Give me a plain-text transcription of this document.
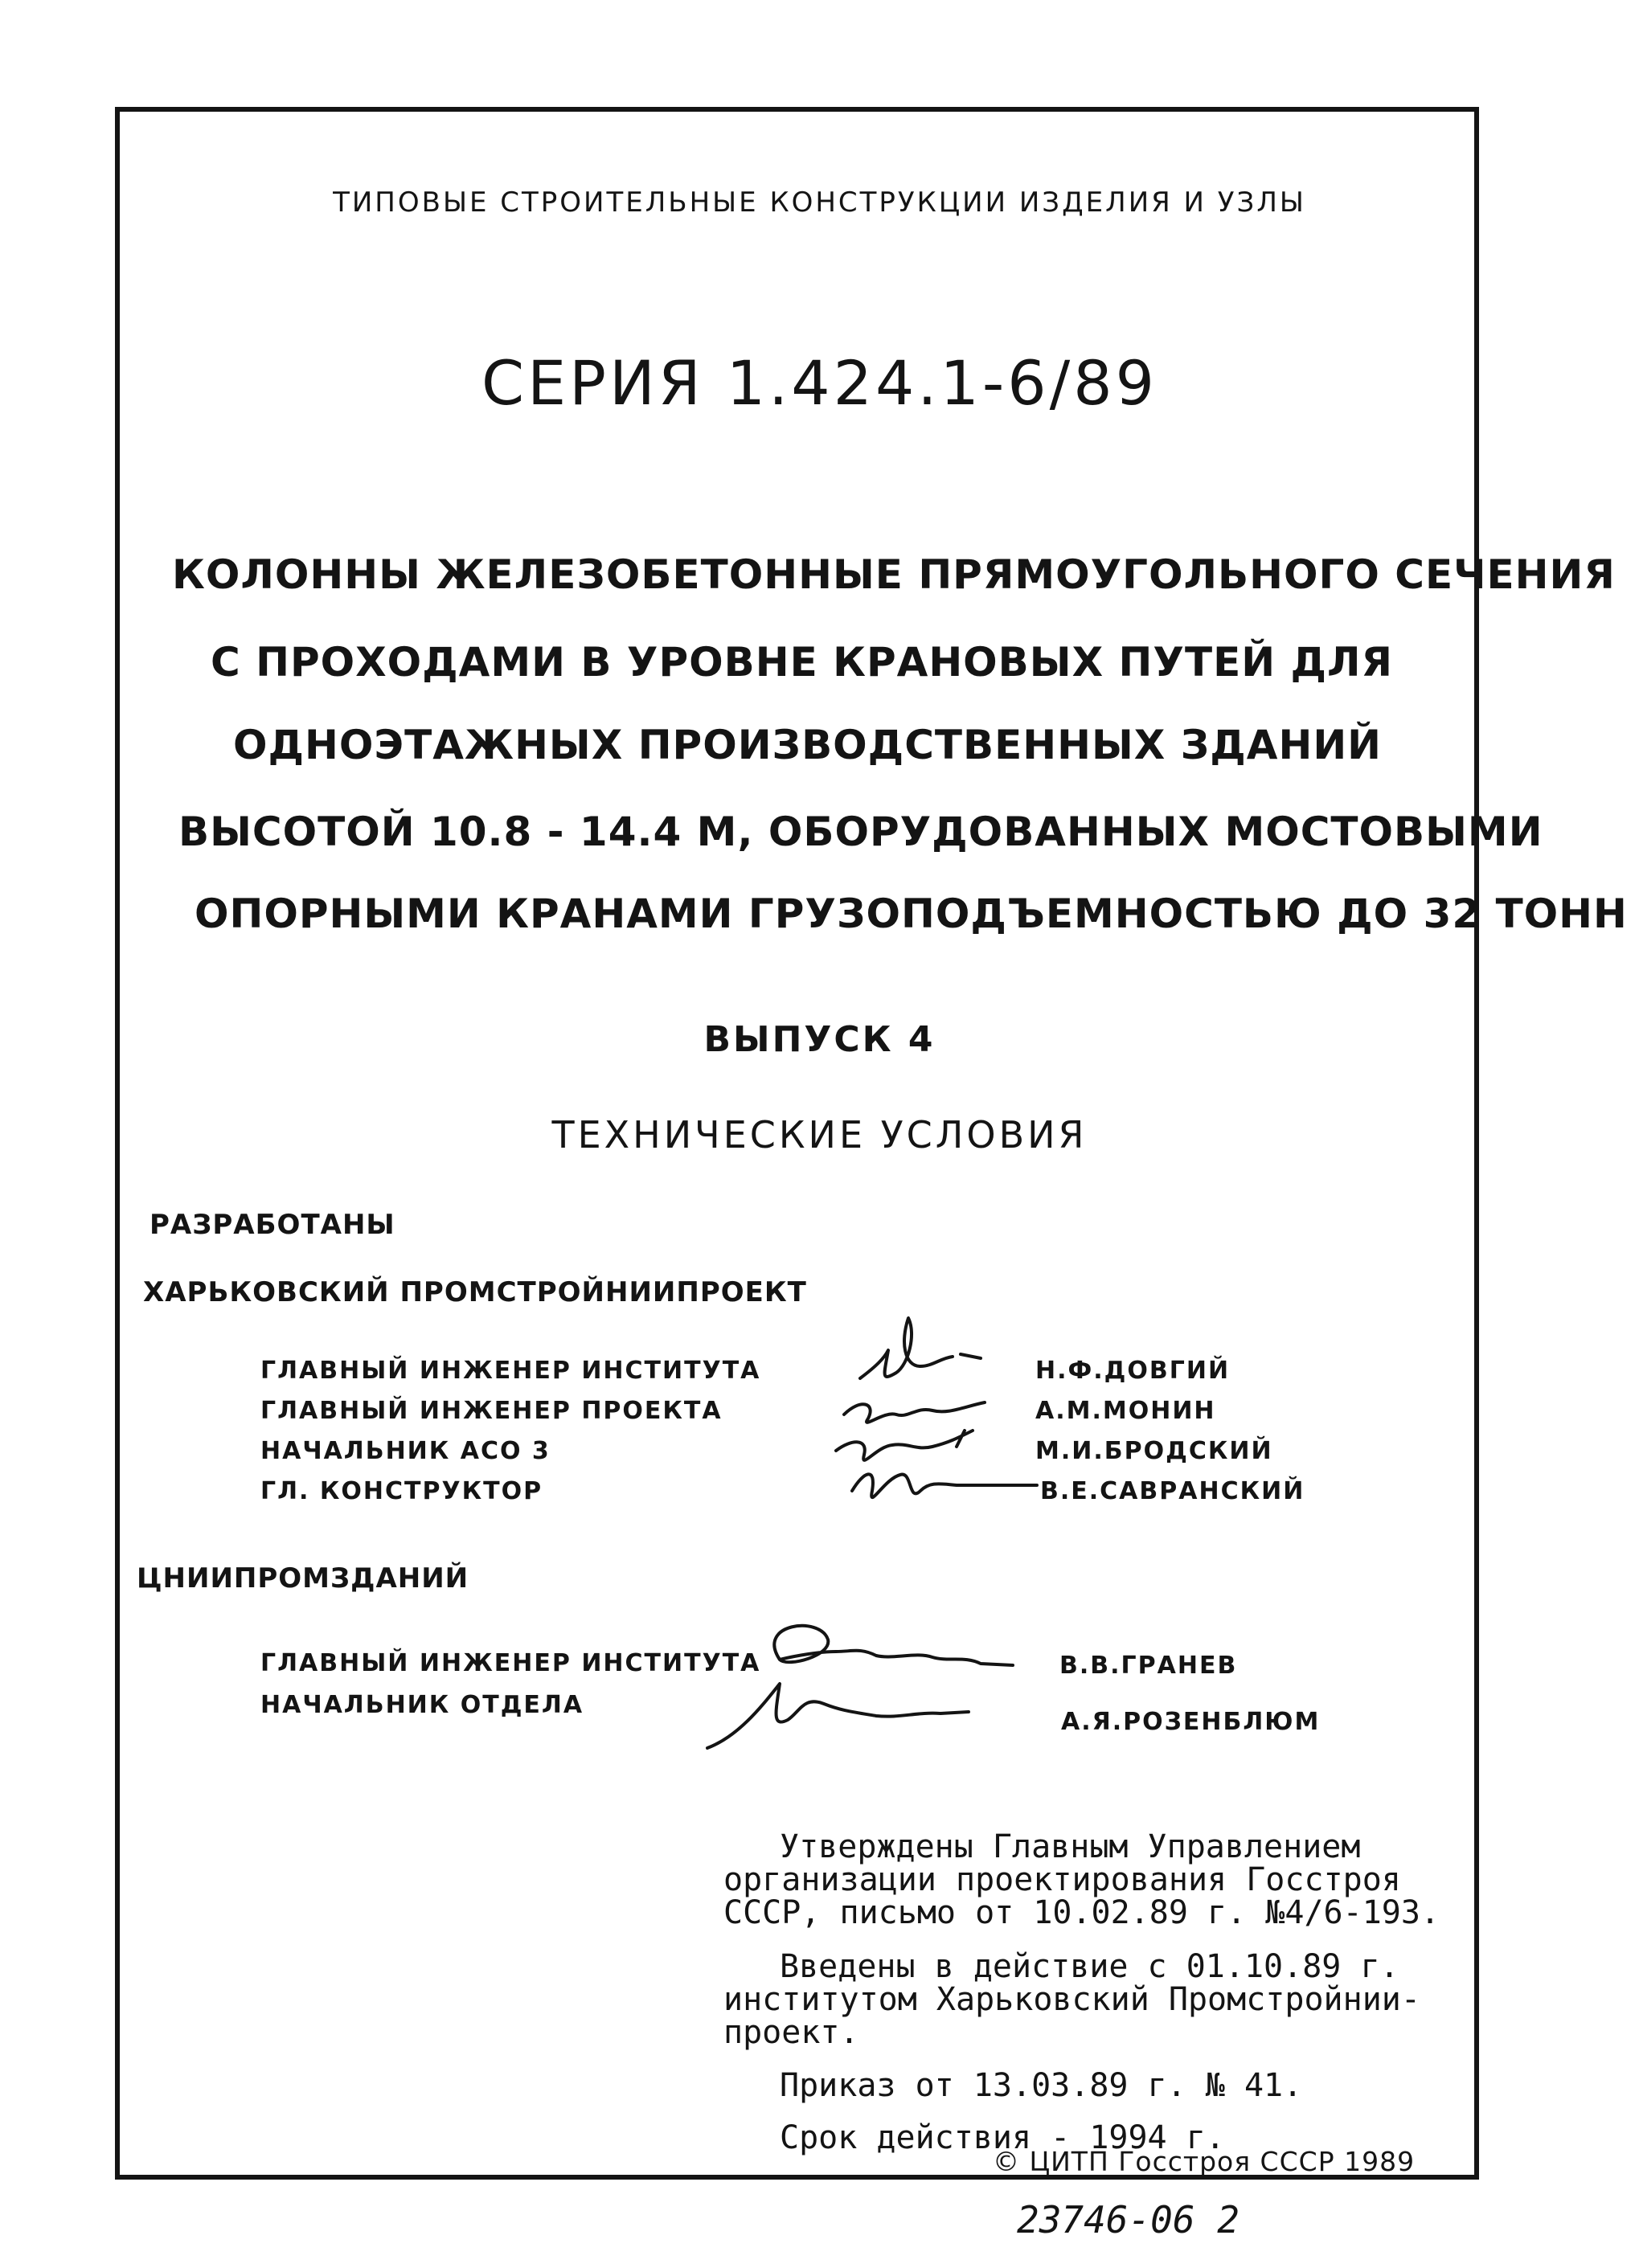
ТИПОВЫЕ СТРОИТЕЛЬНЫЕ КОНСТРУКЦИИ ИЗДЕЛИЯ И УЗЛЫ
СЕРИЯ 1.424.1-6/89
КОЛОННЫ ЖЕЛЕЗОБЕТОННЫЕ ПРЯМОУГОЛЬНОГО СЕЧЕНИЯ
С ПРОХОДАМИ В УРОВНЕ КРАНОВЫХ ПУТЕЙ ДЛЯ
ОДНОЭТАЖНЫХ ПРОИЗВОДСТВЕННЫХ ЗДАНИЙ
ВЫСОТОЙ 10.8 - 14.4 М, ОБОРУДОВАННЫХ МОСТОВЫМИ
ОПОРНЫМИ КРАНАМИ ГРУЗОПОДЪЕМНОСТЬЮ ДО 32 ТОНН
ВЫПУСК 4
ТЕХНИЧЕСКИЕ УСЛОВИЯ
РАЗРАБОТАНЫ
ХАРЬКОВСКИЙ ПРОМСТРОЙНИИПРОЕКТ
ГЛАВНЫЙ ИНЖЕНЕР ИНСТИТУТА
ГЛАВНЫЙ ИНЖЕНЕР ПРОЕКТА
НАЧАЛЬНИК АСО 3
ГЛ. КОНСТРУКТОР
Н.Ф.ДОВГИЙ
А.М.МОНИН
М.И.БРОДСКИЙ
В.Е.САВРАНСКИЙ
ЦНИИПРОМЗДАНИЙ
ГЛАВНЫЙ ИНЖЕНЕР ИНСТИТУТА
НАЧАЛЬНИК ОТДЕЛА
В.В.ГРАНЕВ
А.Я.РОЗЕНБЛЮМ
Утверждены Главным Управлением
организации проектирования Госстроя
СССР, письмо от 10.02.89 г. №4/6-193.
Введены в действие с 01.10.89 г.
институтом Харьковский Промстройнии-
проект.
Приказ от 13.03.89 г. № 41.
Срок действия - 1994 г.
© ЦИТП Госстроя СССР 1989
23746-06 2
